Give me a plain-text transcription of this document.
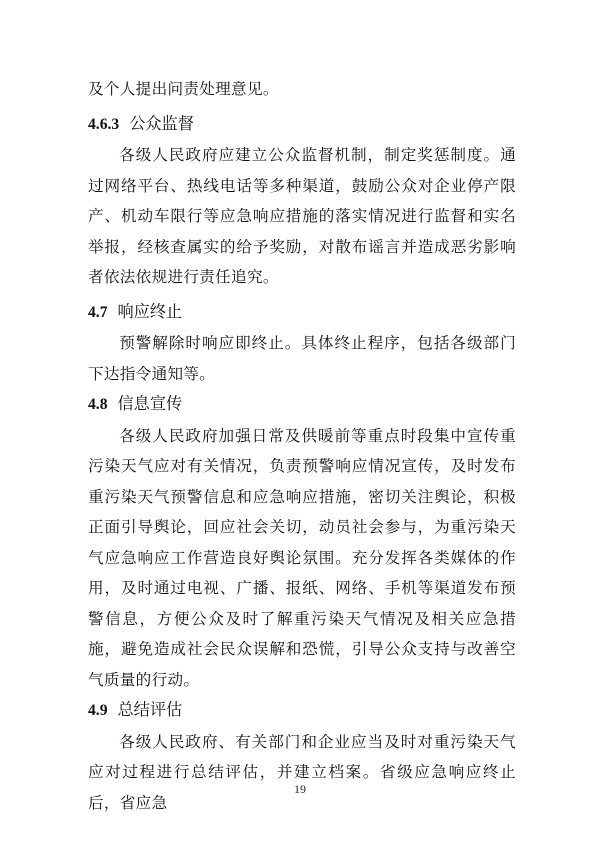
及个人提出问责处理意见。

4.6.3 公众监督

各级人民政府应建立公众监督机制，制定奖惩制度。通过网络平台、热线电话等多种渠道，鼓励公众对企业停产限产、机动车限行等应急响应措施的落实情况进行监督和实名举报，经核查属实的给予奖励，对散布谣言并造成恶劣影响者依法依规进行责任追究。

4.7 响应终止

预警解除时响应即终止。具体终止程序，包括各级部门下达指令通知等。

4.8 信息宣传

各级人民政府加强日常及供暖前等重点时段集中宣传重污染天气应对有关情况，负责预警响应情况宣传，及时发布重污染天气预警信息和应急响应措施，密切关注舆论，积极正面引导舆论，回应社会关切，动员社会参与，为重污染天气应急响应工作营造良好舆论氛围。充分发挥各类媒体的作用，及时通过电视、广播、报纸、网络、手机等渠道发布预警信息，方便公众及时了解重污染天气情况及相关应急措施，避免造成社会民众误解和恐慌，引导公众支持与改善空气质量的行动。

4.9 总结评估

各级人民政府、有关部门和企业应当及时对重污染天气应对过程进行总结评估，并建立档案。省级应急响应终止后，省应急

19
